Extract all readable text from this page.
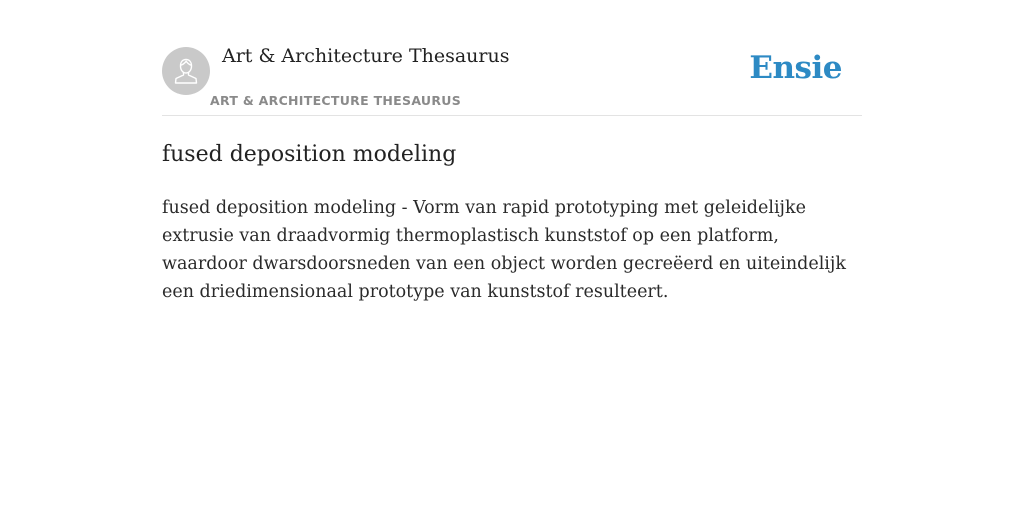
Art & Architecture Thesaurus
ART & ARCHITECTURE THESAURUS
Ensie
fused deposition modeling

fused deposition modeling - Vorm van rapid prototyping met geleidelijke extrusie van draadvormig thermoplastisch kunststof op een platform, waardoor dwarsdoorsneden van een object worden gecreëerd en uiteindelijk een driedimensionaal prototype van kunststof resulteert.
